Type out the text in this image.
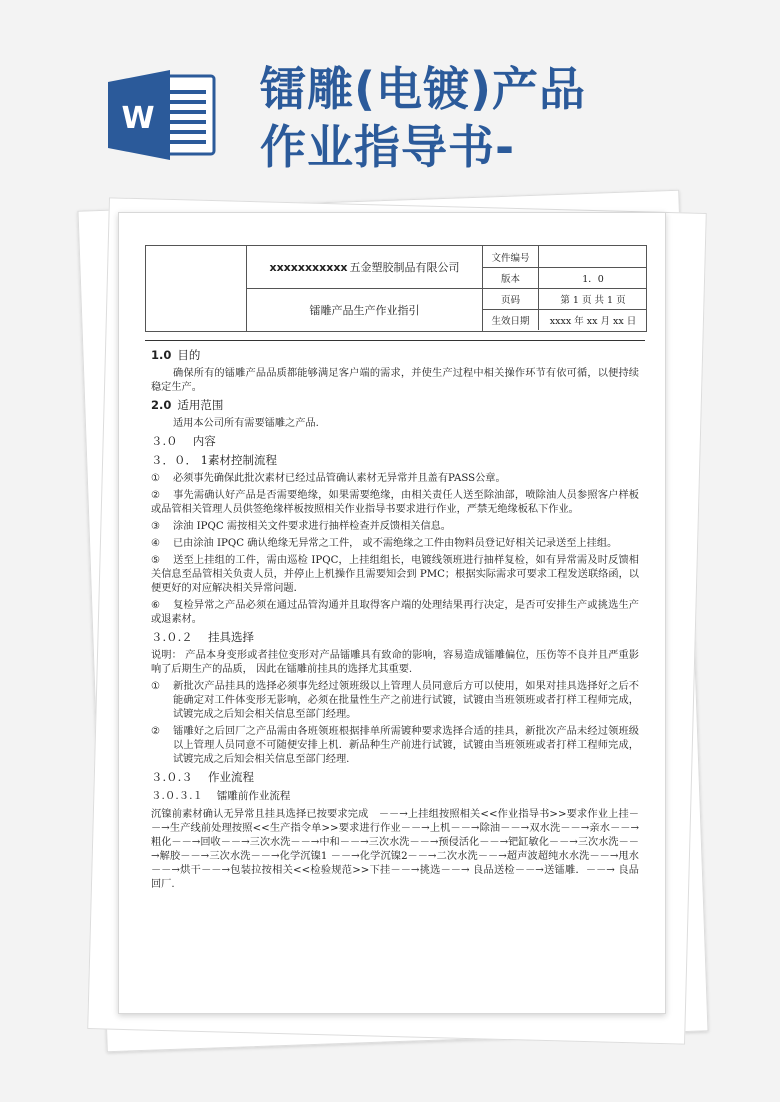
W
镭雕(电镀)产品
作业指导书-
xxxxxxxxxxx 五金塑胶制品有限公司
镭雕产品生产作业指引
文件编号
版本	1．0
页码	第 1 页 共 1 页
生效日期	xxxx 年 xx 月 xx 日
1.0 目的
确保所有的镭雕产品品质都能够满足客户端的需求，并使生产过程中相关操作环节有依可循，以便持续稳定生产。
2.0 适用范围
适用本公司所有需要镭雕之产品.
３.０　 内容
３．０． 1素材控制流程
① 必须事先确保此批次素材已经过品管确认素材无异常并且盖有PASS公章。
② 事先需确认好产品是否需要绝缘，如果需要绝缘，由相关责任人送至除油部，喷除油人员参照客户样板或品管相关管理人员供签绝缘样板按照相关作业指导书要求进行作业，严禁无绝缘板私下作业。
③ 涂油 IPQC 需按相关文件要求进行抽样检查并反馈相关信息。
④ 已由涂油 IPQC 确认绝缘无异常之工件， 或不需绝缘之工件由物料员登记好相关记录送至上挂组。
⑤ 送至上挂组的工件，需由巡检 IPQC，上挂组组长，电镀线领班进行抽样复检，如有异常需及时反馈相关信息至品管相关负责人员，并停止上机操作且需要知会到 PMC；根据实际需求可要求工程发送联络函，以便更好的对应解决相关异常问题．
⑥ 复检异常之产品必须在通过品管沟通并且取得客户端的处理结果再行决定，是否可安排生产或挑选生产或退素材。
３.０.２　 挂具选择
说明： 产品本身变形或者挂位变形对产品镭雕具有致命的影响，容易造成镭雕偏位，压伤等不良并且严重影响了后期生产的品质， 因此在镭雕前挂具的选择尤其重要.
① 新批次产品挂具的选择必须事先经过领班级以上管理人员同意后方可以使用，如果对挂具选择好之后不能确定对工件体变形无影响，必须在批量性生产之前进行试镀，试镀由当班领班或者打样工程师完成，试镀完成之后知会相关信息至部门经理。
② 镭雕好之后回厂之产品需由各班领班根据排单所需镀种要求选择合适的挂具，新批次产品未经过领班级以上管理人员同意不可随便安排上机．新品种生产前进行试镀，试镀由当班领班或者打样工程师完成，试镀完成之后知会相关信息至部门经理.
３.０.３　 作业流程
３.０.３.１　 镭雕前作业流程
沉镍前素材确认无异常且挂具选择已按要求完成　－－→上挂组按照相关<<作业指导书>>要求作业上挂－－→生产线前处理按照<<生产指令单>>要求进行作业－－→上机－－→除油－－→双水洗－－→亲水－－→粗化－－→回收－－→三次水洗－－→中和－－→三次水洗－－→预侵活化－－→钯缸敏化－－→三次水洗－－→解胶－－→三次水洗－－→化学沉镍1 －－→化学沉镍2－－→二次水洗－－→超声波超纯水水洗－－→甩水－－→烘干－－→包装拉按相关<<检验规范>>下挂－－→挑选－－→ 良品送检－－→送镭雕．－－→ 良品回厂.
